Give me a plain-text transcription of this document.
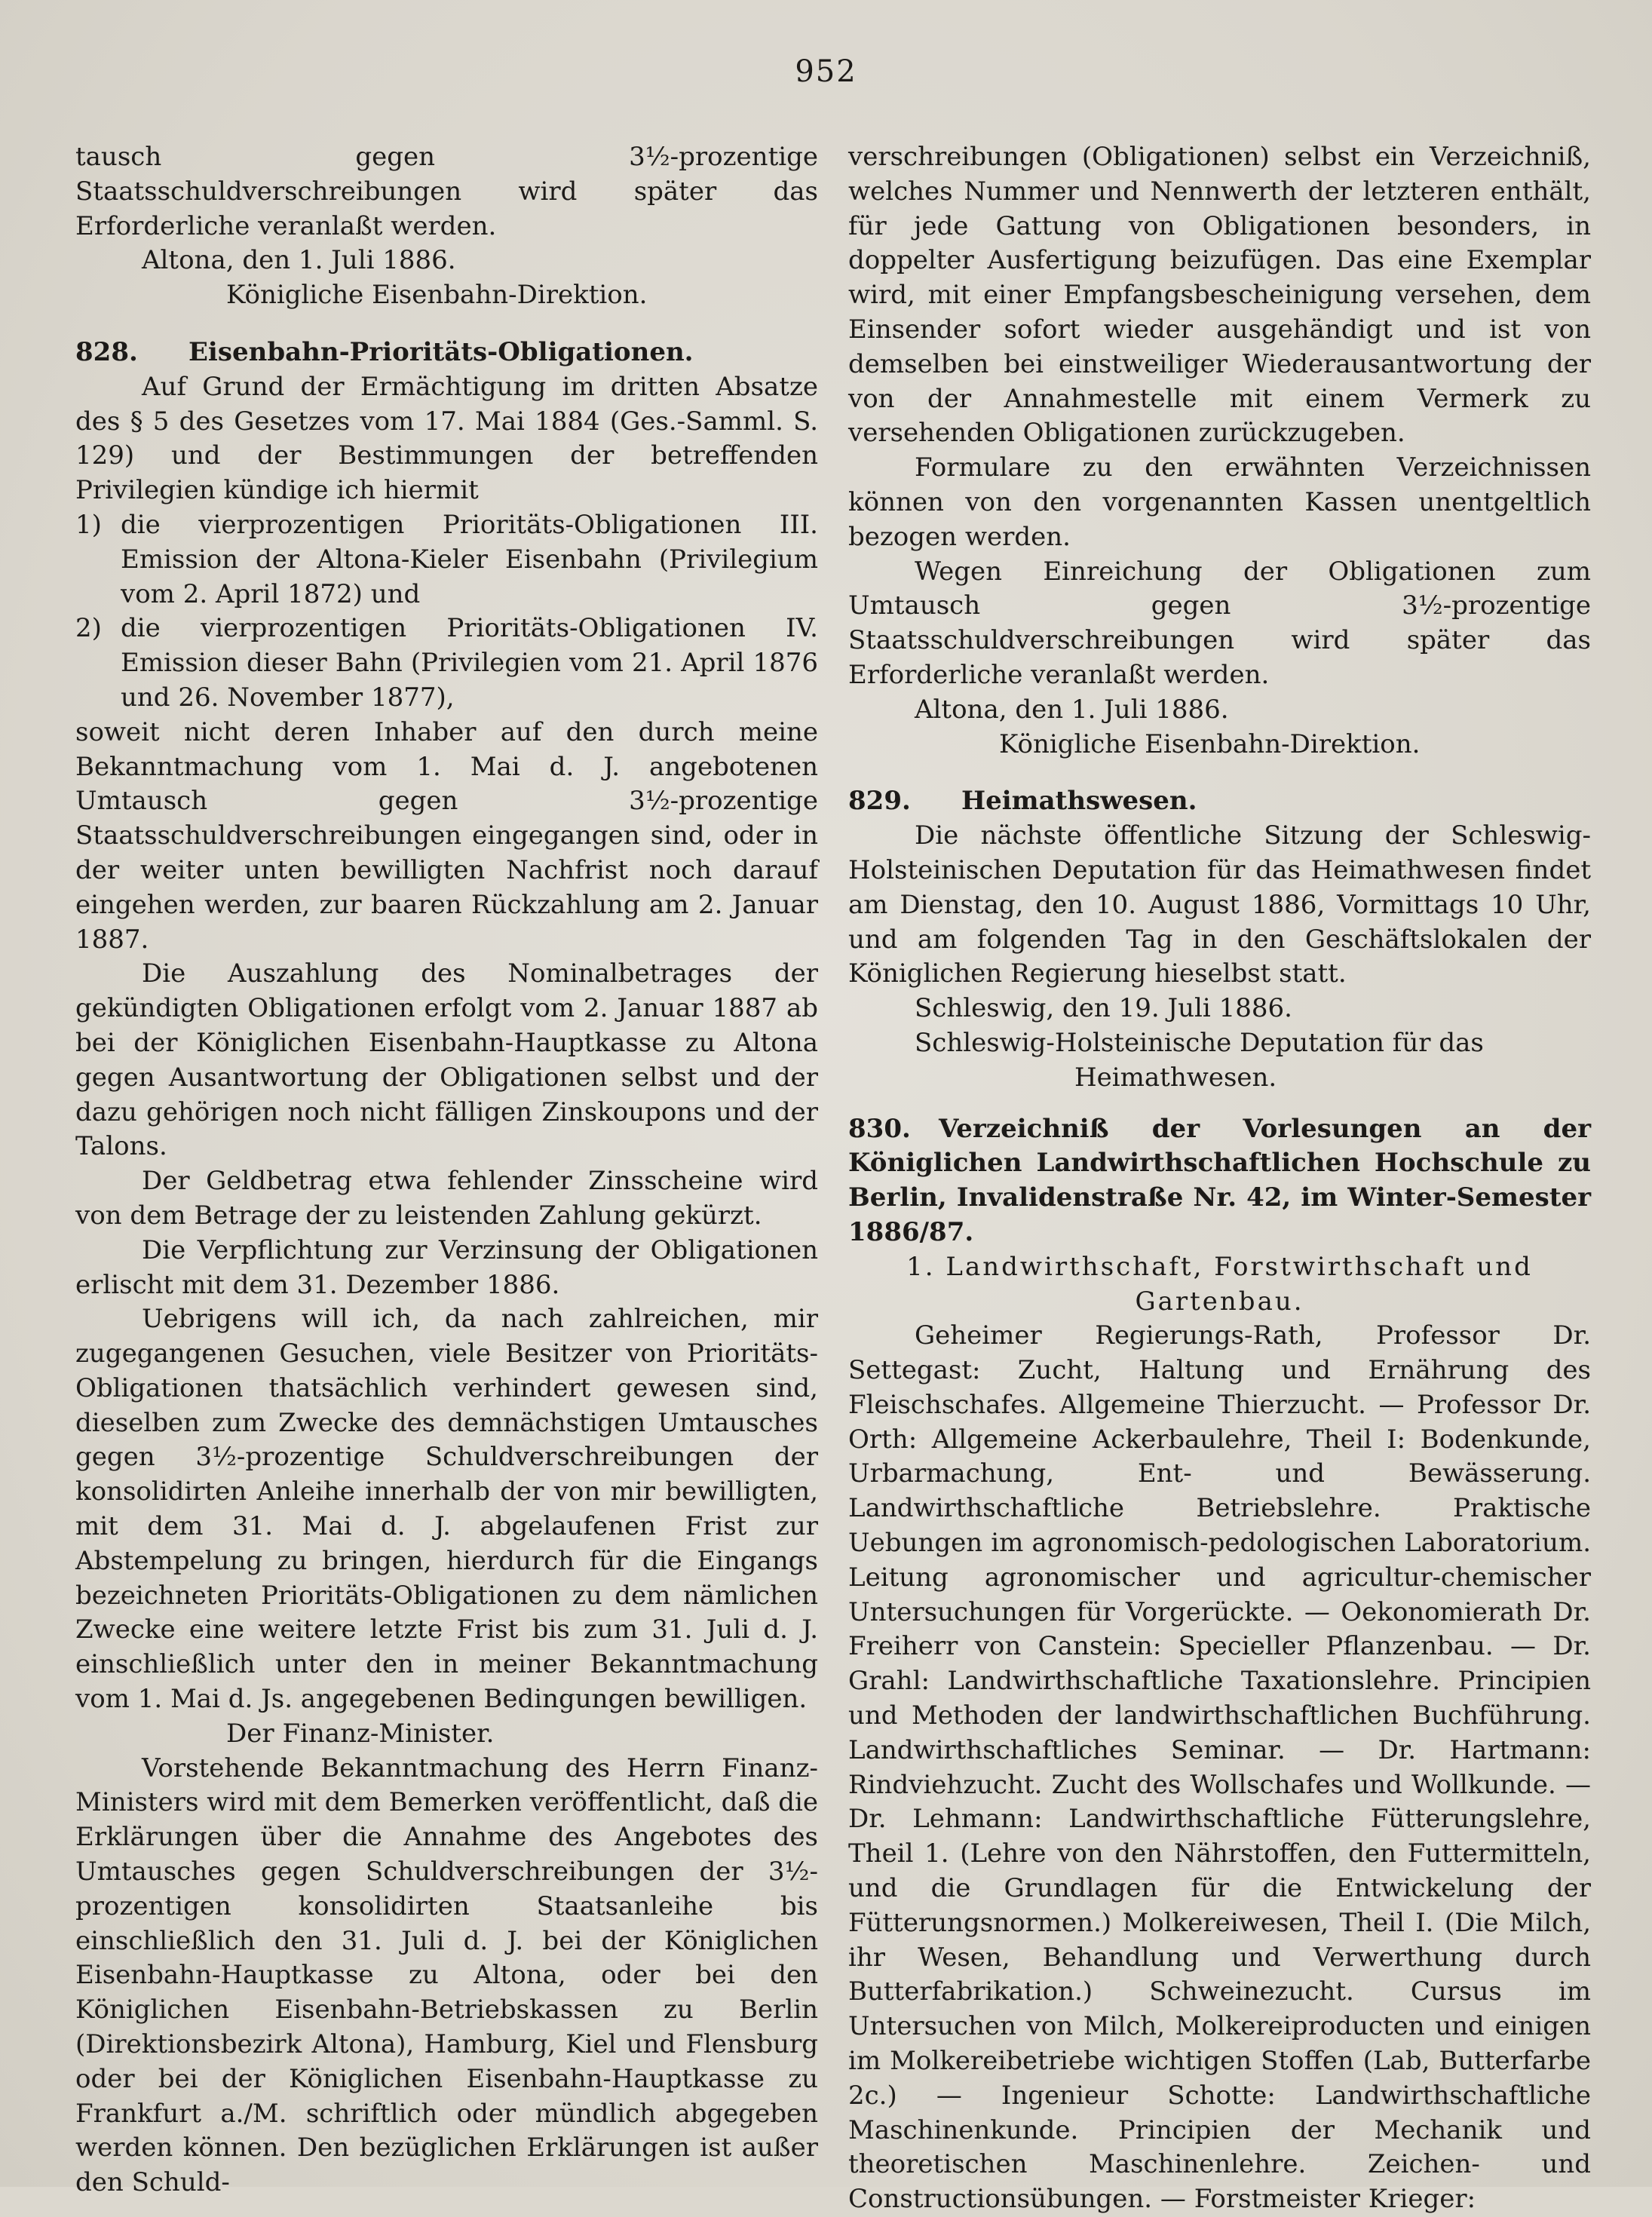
952

tausch gegen 3½-prozentige Staatsschuldverschreibungen wird später das Erforderliche veranlaßt werden.

Altona, den 1. Juli 1886.

Königliche Eisenbahn-Direktion.

828. Eisenbahn-Prioritäts-Obligationen.

Auf Grund der Ermächtigung im dritten Absatze des § 5 des Gesetzes vom 17. Mai 1884 (Ges.-Samml. S. 129) und der Bestimmungen der betreffenden Privilegien kündige ich hiermit

1) die vierprozentigen Prioritäts-Obligationen III. Emission der Altona-Kieler Eisenbahn (Privilegium vom 2. April 1872) und
2) die vierprozentigen Prioritäts-Obligationen IV. Emission dieser Bahn (Privilegien vom 21. April 1876 und 26. November 1877),

soweit nicht deren Inhaber auf den durch meine Bekanntmachung vom 1. Mai d. J. angebotenen Umtausch gegen 3½-prozentige Staatsschuldverschreibungen eingegangen sind, oder in der weiter unten bewilligten Nachfrist noch darauf eingehen werden, zur baaren Rückzahlung am 2. Januar 1887.

Die Auszahlung des Nominalbetrages der gekündigten Obligationen erfolgt vom 2. Januar 1887 ab bei der Königlichen Eisenbahn-Hauptkasse zu Altona gegen Ausantwortung der Obligationen selbst und der dazu gehörigen noch nicht fälligen Zinskoupons und der Talons.

Der Geldbetrag etwa fehlender Zinsscheine wird von dem Betrage der zu leistenden Zahlung gekürzt.

Die Verpflichtung zur Verzinsung der Obligationen erlischt mit dem 31. Dezember 1886.

Uebrigens will ich, da nach zahlreichen, mir zugegangenen Gesuchen, viele Besitzer von Prioritäts-Obligationen thatsächlich verhindert gewesen sind, dieselben zum Zwecke des demnächstigen Umtausches gegen 3½-prozentige Schuldverschreibungen der konsolidirten Anleihe innerhalb der von mir bewilligten, mit dem 31. Mai d. J. abgelaufenen Frist zur Abstempelung zu bringen, hierdurch für die Eingangs bezeichneten Prioritäts-Obligationen zu dem nämlichen Zwecke eine weitere letzte Frist bis zum 31. Juli d. J. einschließlich unter den in meiner Bekanntmachung vom 1. Mai d. Js. angegebenen Bedingungen bewilligen.

Der Finanz-Minister.

Vorstehende Bekanntmachung des Herrn Finanz-Ministers wird mit dem Bemerken veröffentlicht, daß die Erklärungen über die Annahme des Angebotes des Umtausches gegen Schuldverschreibungen der 3½-prozentigen konsolidirten Staatsanleihe bis einschließlich den 31. Juli d. J. bei der Königlichen Eisenbahn-Hauptkasse zu Altona, oder bei den Königlichen Eisenbahn-Betriebskassen zu Berlin (Direktionsbezirk Altona), Hamburg, Kiel und Flensburg oder bei der Königlichen Eisenbahn-Hauptkasse zu Frankfurt a./M. schriftlich oder mündlich abgegeben werden können. Den bezüglichen Erklärungen ist außer den Schuld-

verschreibungen (Obligationen) selbst ein Verzeichniß, welches Nummer und Nennwerth der letzteren enthält, für jede Gattung von Obligationen besonders, in doppelter Ausfertigung beizufügen. Das eine Exemplar wird, mit einer Empfangsbescheinigung versehen, dem Einsender sofort wieder ausgehändigt und ist von demselben bei einstweiliger Wiederausantwortung der von der Annahmestelle mit einem Vermerk zu versehenden Obligationen zurückzugeben.

Formulare zu den erwähnten Verzeichnissen können von den vorgenannten Kassen unentgeltlich bezogen werden.

Wegen Einreichung der Obligationen zum Umtausch gegen 3½-prozentige Staatsschuldverschreibungen wird später das Erforderliche veranlaßt werden.

Altona, den 1. Juli 1886.

Königliche Eisenbahn-Direktion.

829. Heimathswesen.

Die nächste öffentliche Sitzung der Schleswig-Holsteinischen Deputation für das Heimathwesen findet am Dienstag, den 10. August 1886, Vormittags 10 Uhr, und am folgenden Tag in den Geschäftslokalen der Königlichen Regierung hieselbst statt.

Schleswig, den 19. Juli 1886.

Schleswig-Holsteinische Deputation für das

Heimathwesen.

830. Verzeichniß der Vorlesungen an der Königlichen Landwirthschaftlichen Hochschule zu Berlin, Invalidenstraße Nr. 42, im Winter-Semester 1886/87.

1. Landwirthschaft, Forstwirthschaft und

Gartenbau.

Geheimer Regierungs-Rath, Professor Dr. Settegast: Zucht, Haltung und Ernährung des Fleischschafes. Allgemeine Thierzucht. — Professor Dr. Orth: Allgemeine Ackerbaulehre, Theil I: Bodenkunde, Urbarmachung, Ent- und Bewässerung. Landwirthschaftliche Betriebslehre. Praktische Uebungen im agronomisch-pedologischen Laboratorium. Leitung agronomischer und agricultur-chemischer Untersuchungen für Vorgerückte. — Oekonomierath Dr. Freiherr von Canstein: Specieller Pflanzenbau. — Dr. Grahl: Landwirthschaftliche Taxationslehre. Principien und Methoden der landwirthschaftlichen Buchführung. Landwirthschaftliches Seminar. — Dr. Hartmann: Rindviehzucht. Zucht des Wollschafes und Wollkunde. — Dr. Lehmann: Landwirthschaftliche Fütterungslehre, Theil 1. (Lehre von den Nährstoffen, den Futtermitteln, und die Grundlagen für die Entwickelung der Fütterungsnormen.) Molkereiwesen, Theil I. (Die Milch, ihr Wesen, Behandlung und Verwerthung durch Butterfabrikation.) Schweinezucht. Cursus im Untersuchen von Milch, Molkereiproducten und einigen im Molkereibetriebe wichtigen Stoffen (Lab, Butterfarbe 2c.) — Ingenieur Schotte: Landwirthschaftliche Maschinenkunde. Principien der Mechanik und theoretischen Maschinenlehre. Zeichen- und Constructionsübungen. — Forstmeister Krieger:
